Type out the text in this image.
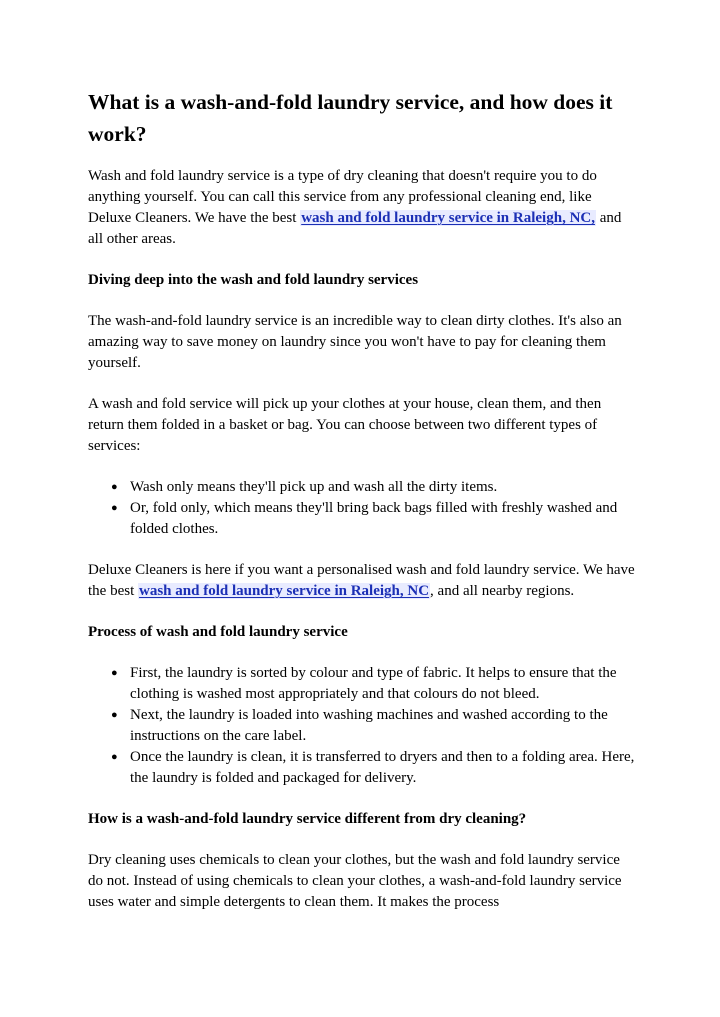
What is a wash-and-fold laundry service, and how does it work?

Wash and fold laundry service is a type of dry cleaning that doesn't require you to do anything yourself. You can call this service from any professional cleaning end, like Deluxe Cleaners. We have the best wash and fold laundry service in Raleigh, NC, and all other areas.

Diving deep into the wash and fold laundry services

The wash-and-fold laundry service is an incredible way to clean dirty clothes. It's also an amazing way to save money on laundry since you won't have to pay for cleaning them yourself.

A wash and fold service will pick up your clothes at your house, clean them, and then return them folded in a basket or bag. You can choose between two different types of services:

● Wash only means they'll pick up and wash all the dirty items.
● Or, fold only, which means they'll bring back bags filled with freshly washed and folded clothes.

Deluxe Cleaners is here if you want a personalised wash and fold laundry service. We have the best wash and fold laundry service in Raleigh, NC, and all nearby regions.

Process of wash and fold laundry service

● First, the laundry is sorted by colour and type of fabric. It helps to ensure that the clothing is washed most appropriately and that colours do not bleed.
● Next, the laundry is loaded into washing machines and washed according to the instructions on the care label.
● Once the laundry is clean, it is transferred to dryers and then to a folding area. Here, the laundry is folded and packaged for delivery.

How is a wash-and-fold laundry service different from dry cleaning?

Dry cleaning uses chemicals to clean your clothes, but the wash and fold laundry service do not. Instead of using chemicals to clean your clothes, a wash-and-fold laundry service uses water and simple detergents to clean them. It makes the process
